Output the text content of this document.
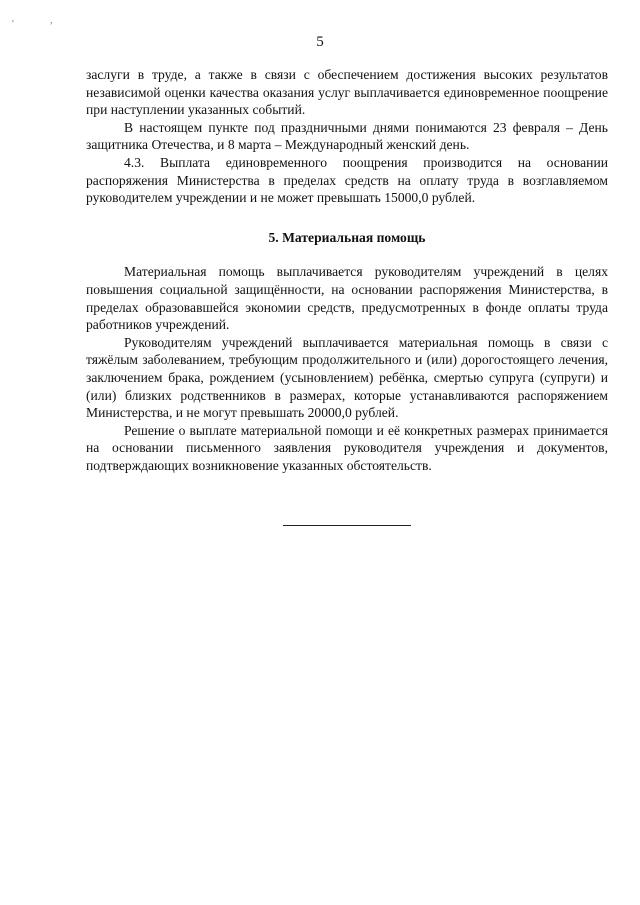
'	,
5

заслуги в труде, а также в связи с обеспечением достижения высоких результатов независимой оценки качества оказания услуг выплачивается единовременное поощрение при наступлении указанных событий.

В настоящем пункте под праздничными днями понимаются 23 февраля – День защитника Отечества, и 8 марта – Международный женский день.

4.3. Выплата единовременного поощрения производится на основании распоряжения Министерства в пределах средств на оплату труда в возглавляемом руководителем учреждении и не может превышать 15000,0 рублей.

5. Материальная помощь

Материальная помощь выплачивается руководителям учреждений в целях повышения социальной защищённости, на основании распоряжения Министерства, в пределах образовавшейся экономии средств, предусмотренных в фонде оплаты труда работников учреждений.

Руководителям учреждений выплачивается материальная помощь в связи с тяжёлым заболеванием, требующим продолжительного и (или) дорогостоящего лечения, заключением брака, рождением (усыновлением) ребёнка, смертью супруга (супруги) и (или) близких родственников в размерах, которые устанавливаются распоряжением Министерства, и не могут превышать 20000,0 рублей.

Решение о выплате материальной помощи и её конкретных размерах принимается на основании письменного заявления руководителя учреждения и документов, подтверждающих возникновение указанных обстоятельств.
